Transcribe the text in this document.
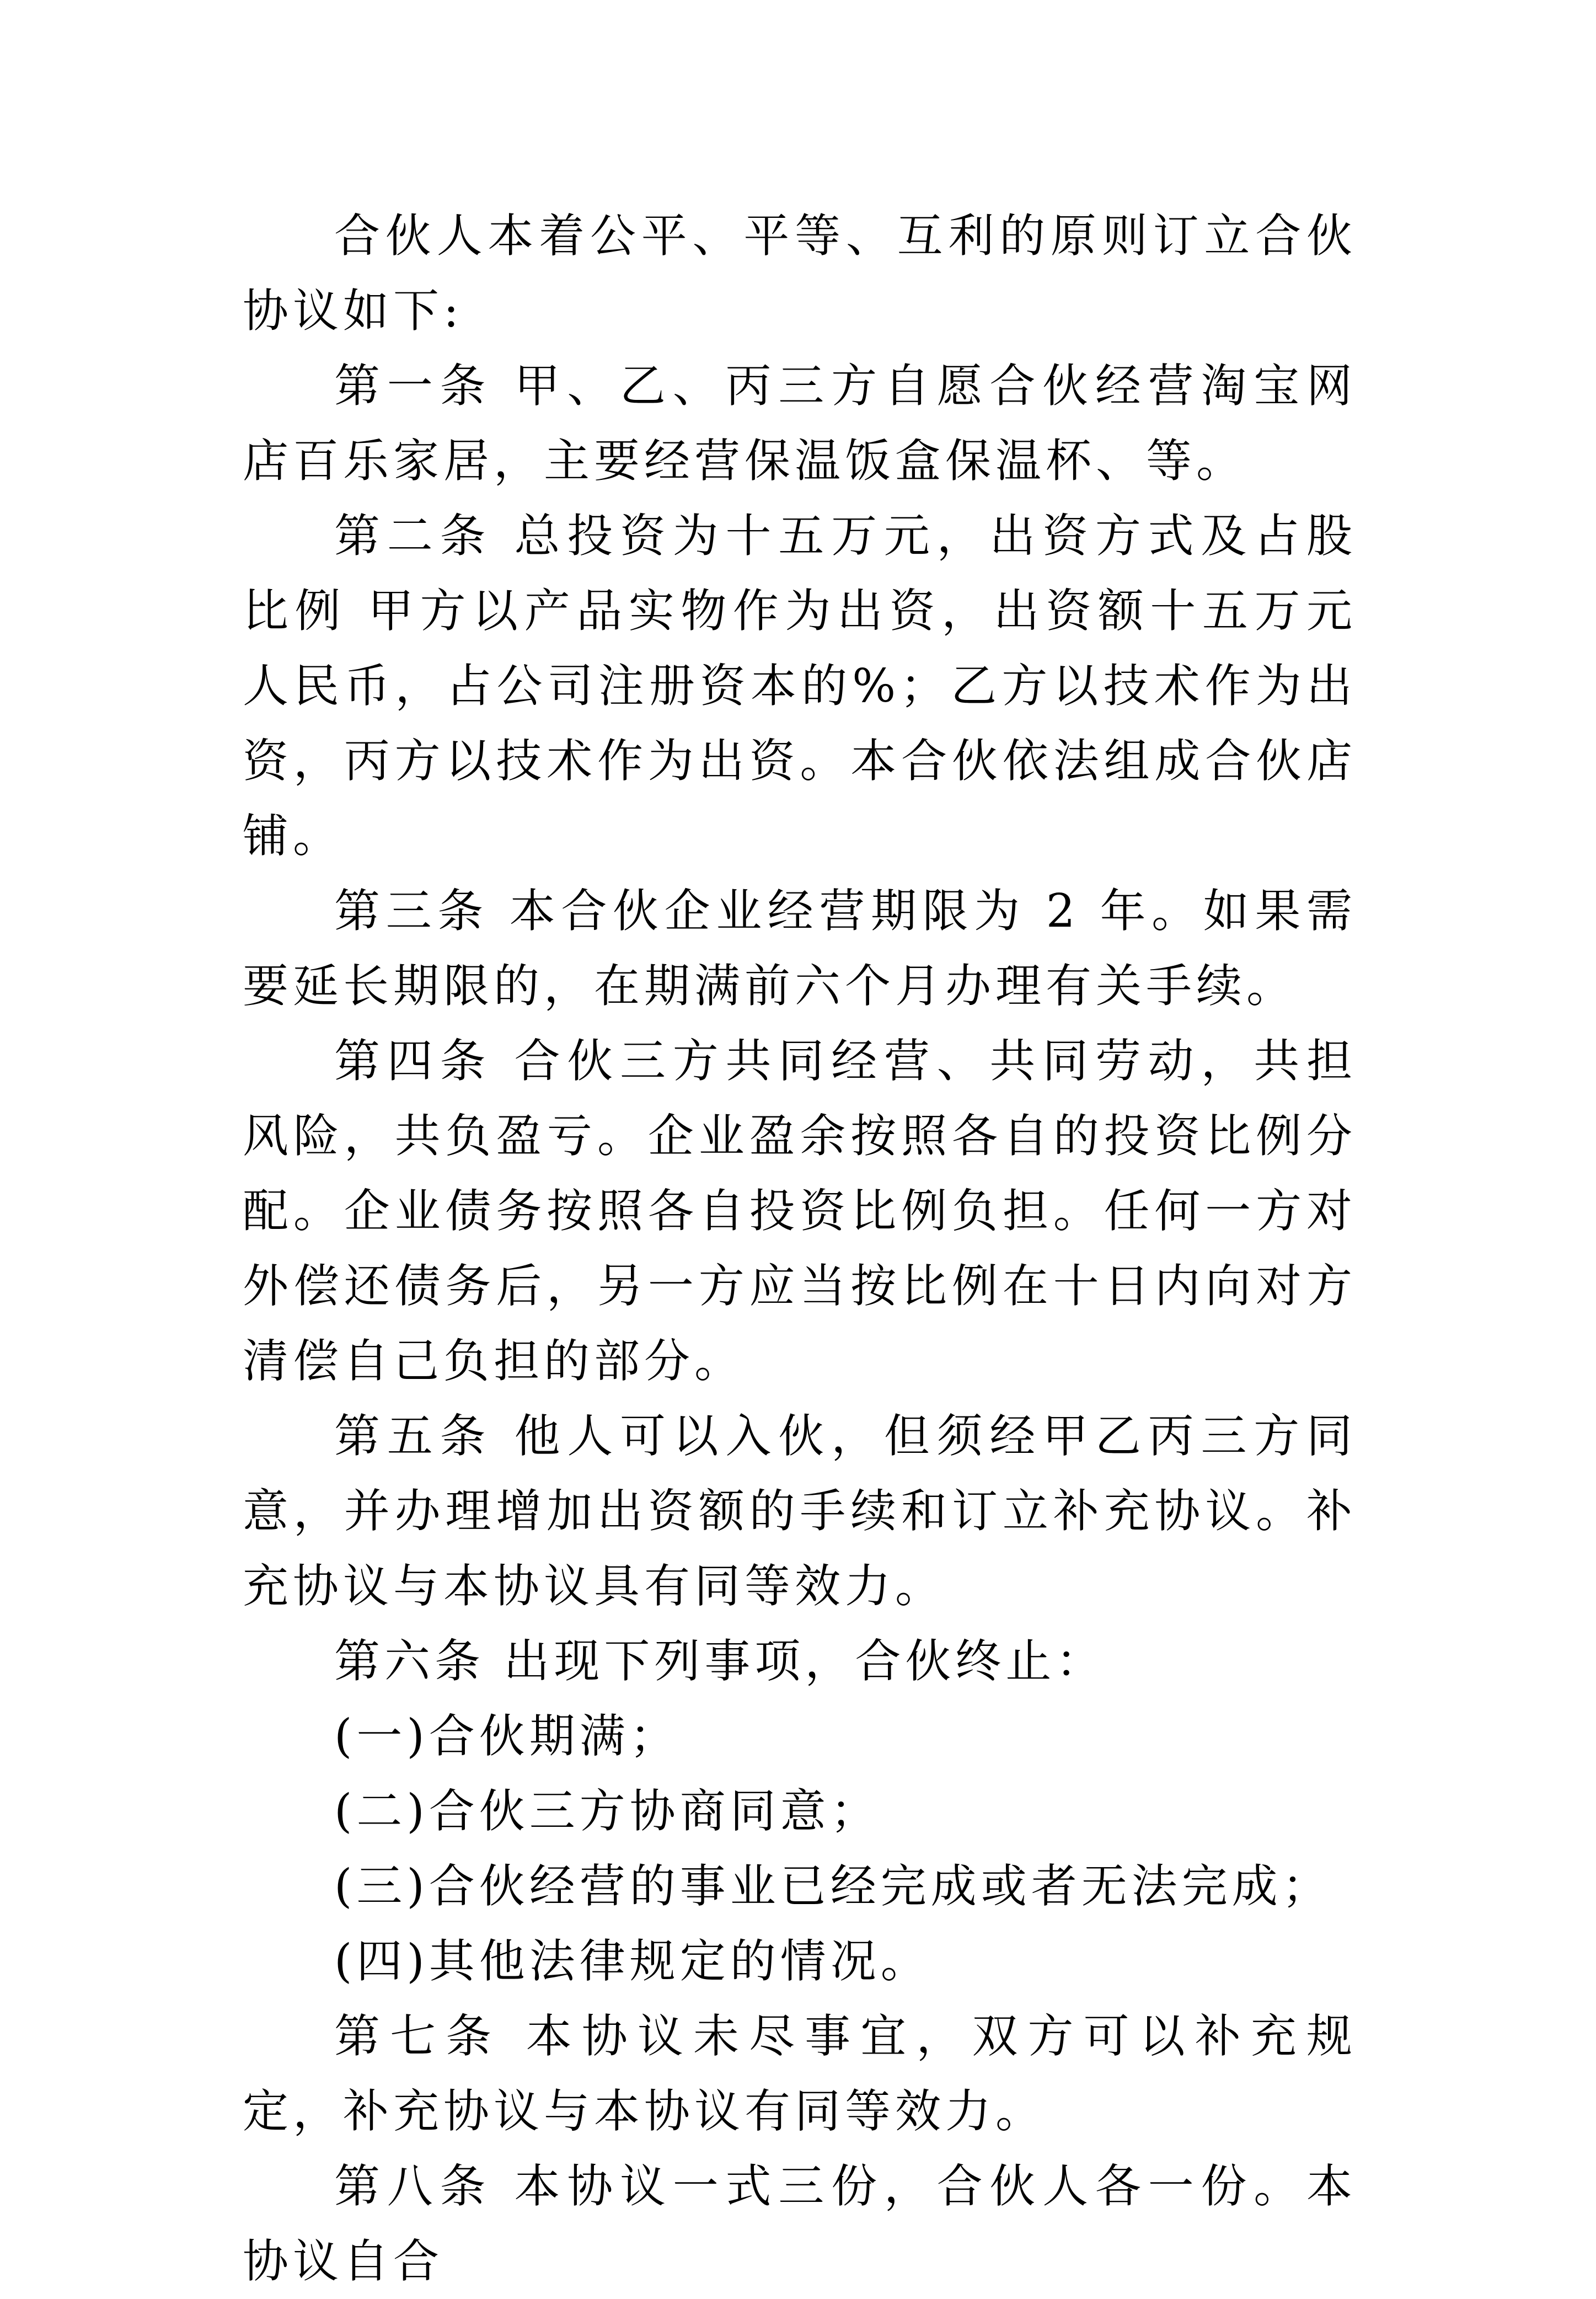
合伙人本着公平、平等、互利的原则订立合伙协议如下:

第一条 甲、乙、丙三方自愿合伙经营淘宝网店百乐家居，主要经营保温饭盒保温杯、等。

第二条 总投资为十五万元，出资方式及占股比例 甲方以产品实物作为出资，出资额十五万元人民币，占公司注册资本的%；乙方以技术作为出资，丙方以技术作为出资。本合伙依法组成合伙店铺。

第三条 本合伙企业经营期限为 2 年。如果需要延长期限的，在期满前六个月办理有关手续。

第四条 合伙三方共同经营、共同劳动，共担风险，共负盈亏。企业盈余按照各自的投资比例分配。企业债务按照各自投资比例负担。任何一方对外偿还债务后，另一方应当按比例在十日内向对方清偿自己负担的部分。

第五条 他人可以入伙，但须经甲乙丙三方同意，并办理增加出资额的手续和订立补充协议。补充协议与本协议具有同等效力。

第六条 出现下列事项，合伙终止：

(一)合伙期满；

(二)合伙三方协商同意；

(三)合伙经营的事业已经完成或者无法完成；

(四)其他法律规定的情况。

第七条 本协议未尽事宜，双方可以补充规定，补充协议与本协议有同等效力。

第八条 本协议一式三份，合伙人各一份。本协议自合
